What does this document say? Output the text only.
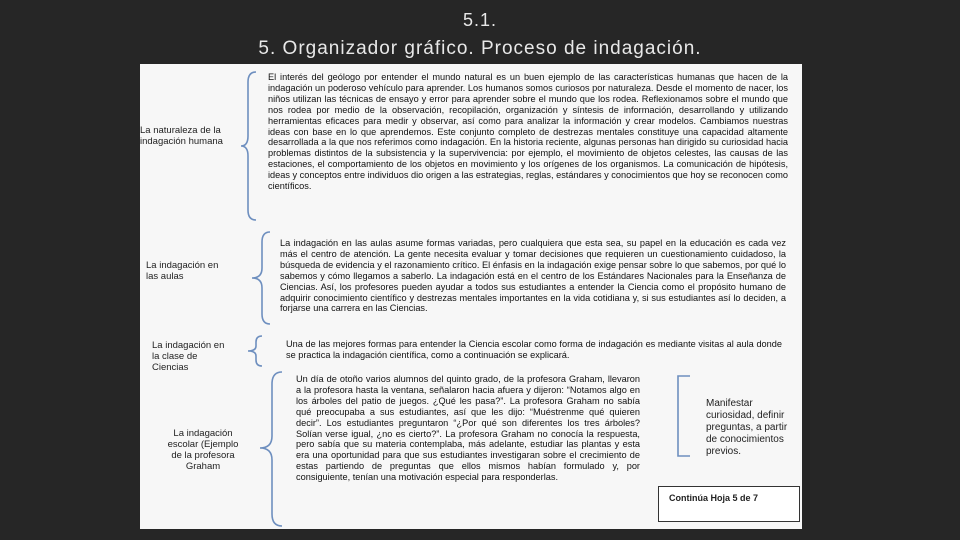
5.1.
5. Organizador gráfico. Proceso de indagación.

La naturaleza de la indagación humana

El interés del geólogo por entender el mundo natural es un buen ejemplo de las características humanas que hacen de la indagación un poderoso vehículo para aprender. Los humanos somos curiosos por naturaleza. Desde el momento de nacer, los niños utilizan las técnicas de ensayo y error para aprender sobre el mundo que los rodea. Reflexionamos sobre el mundo que nos rodea por medio de la observación, recopilación, organización y síntesis de información, desarrollando y utilizando herramientas eficaces para medir y observar, así como para analizar la información y crear modelos. Cambiamos nuestras ideas con base en lo que aprendemos. Este conjunto completo de destrezas mentales constituye una capacidad altamente desarrollada a la que nos referimos como indagación. En la historia reciente, algunas personas han dirigido su curiosidad hacia problemas distintos de la subsistencia y la supervivencia: por ejemplo, el movimiento de objetos celestes, las causas de las estaciones, el comportamiento de los objetos en movimiento y los orígenes de los organismos. La comunicación de hipótesis, ideas y conceptos entre individuos dio origen a las estrategias, reglas, estándares y conocimientos que hoy se reconocen como científicos.

La indagación en las aulas

La indagación en las aulas asume formas variadas, pero cualquiera que esta sea, su papel en la educación es cada vez más el centro de atención. La gente necesita evaluar y tomar decisiones que requieren un cuestionamiento cuidadoso, la búsqueda de evidencia y el razonamiento crítico. El énfasis en la indagación exige pensar sobre lo que sabemos, por qué lo sabemos y cómo llegamos a saberlo. La indagación está en el centro de los Estándares Nacionales para la Enseñanza de Ciencias. Así, los profesores pueden ayudar a todos sus estudiantes a entender la Ciencia como el propósito humano de adquirir conocimiento científico y destrezas mentales importantes en la vida cotidiana y, si sus estudiantes así lo deciden, a forjarse una carrera en las Ciencias.

La indagación en la clase de Ciencias

Una de las mejores formas para entender la Ciencia escolar como forma de indagación es mediante visitas al aula donde se practica la indagación científica, como a continuación se explicará.

La indagación escolar (Ejemplo de la profesora Graham

Un día de otoño varios alumnos del quinto grado, de la profesora Graham, llevaron a la profesora hasta la ventana, señalaron hacia afuera y dijeron: “Notamos algo en los árboles del patio de juegos. ¿Qué les pasa?”. La profesora Graham no sabía qué preocupaba a sus estudiantes, así que les dijo: “Muéstrenme qué quieren decir”. Los estudiantes preguntaron “¿Por qué son diferentes los tres árboles? Solían verse igual, ¿no es cierto?”. La profesora Graham no conocía la respuesta, pero sabía que su materia contemplaba, más adelante, estudiar las plantas y esta era una oportunidad para que sus estudiantes investigaran sobre el crecimiento de estas partiendo de preguntas que ellos mismos habían formulado y, por consiguiente, tenían una motivación especial para responderlas.

Manifestar curiosidad, definir preguntas, a partir de conocimientos previos.

Continúa Hoja 5 de 7
